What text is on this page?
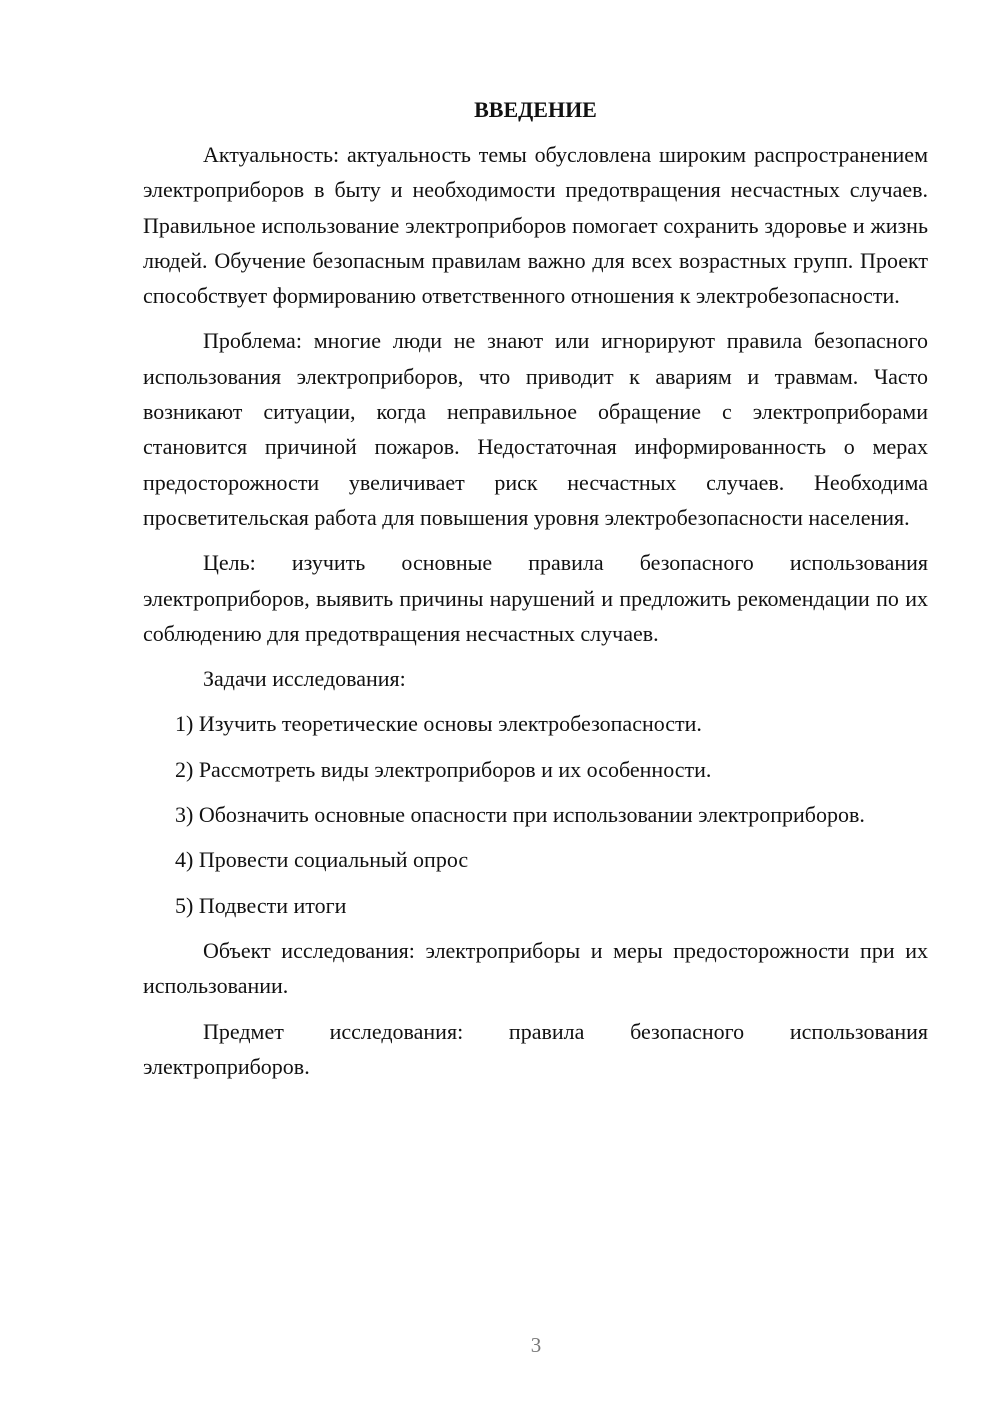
ВВЕДЕНИЕ

Актуальность: актуальность темы обусловлена широким распространением электроприборов в быту и необходимости предотвращения несчастных случаев. Правильное использование электроприборов помогает сохранить здоровье и жизнь людей. Обучение безопасным правилам важно для всех возрастных групп. Проект способствует формированию ответственного отношения к электробезопасности.

Проблема: многие люди не знают или игнорируют правила безопасного использования электроприборов, что приводит к авариям и травмам. Часто возникают ситуации, когда неправильное обращение с электроприборами становится причиной пожаров. Недостаточная информированность о мерах предосторожности увеличивает риск несчастных случаев. Необходима просветительская работа для повышения уровня электробезопасности населения.

Цель: изучить основные правила безопасного использования электроприборов, выявить причины нарушений и предложить рекомендации по их соблюдению для предотвращения несчастных случаев.

Задачи исследования:

1) Изучить теоретические основы электробезопасности.

2) Рассмотреть виды электроприборов и их особенности.

3) Обозначить основные опасности при использовании электроприборов.

4) Провести социальный опрос

5) Подвести итоги

Объект исследования: электроприборы и меры предосторожности при их использовании.

Предмет исследования: правила безопасного использования электроприборов.

3
